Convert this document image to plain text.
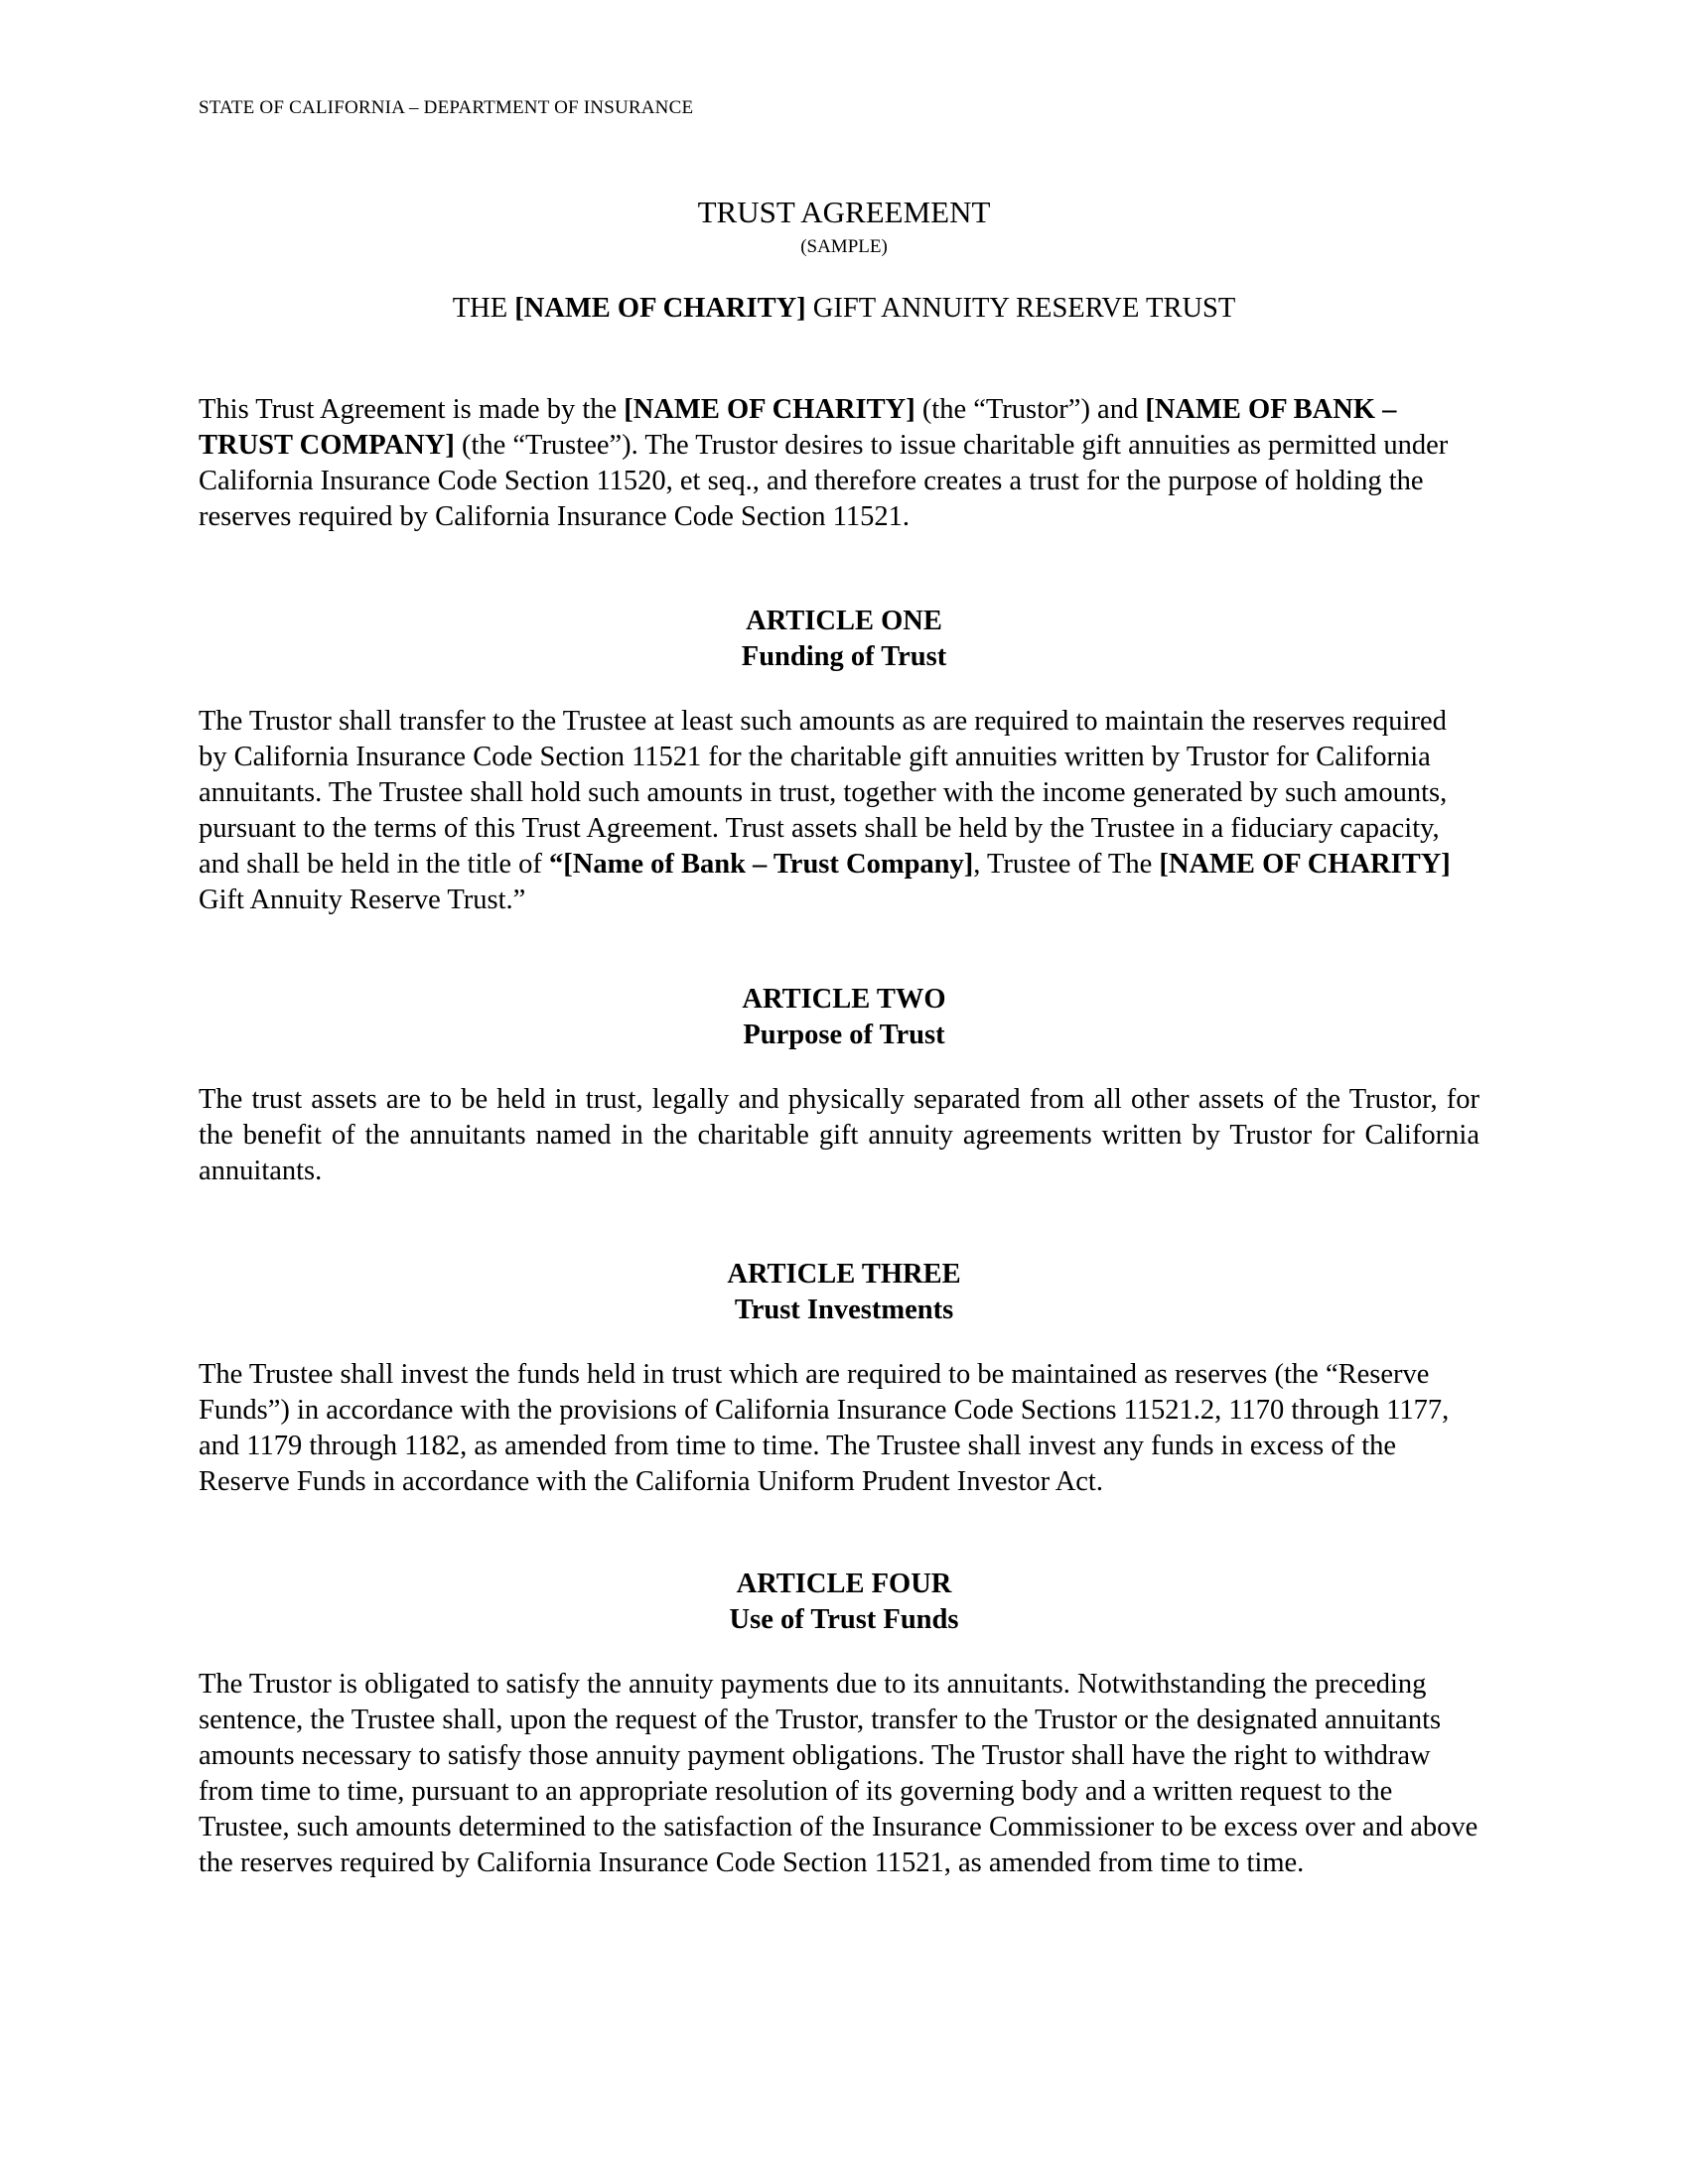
STATE OF CALIFORNIA – DEPARTMENT OF INSURANCE
TRUST AGREEMENT
(SAMPLE)
THE [NAME OF CHARITY] GIFT ANNUITY RESERVE TRUST

This Trust Agreement is made by the [NAME OF CHARITY] (the “Trustor”) and [NAME OF BANK – TRUST COMPANY] (the “Trustee”). The Trustor desires to issue charitable gift annuities as permitted under California Insurance Code Section 11520, et seq., and therefore creates a trust for the purpose of holding the reserves required by California Insurance Code Section 11521.

ARTICLE ONE
Funding of Trust

The Trustor shall transfer to the Trustee at least such amounts as are required to maintain the reserves required by California Insurance Code Section 11521 for the charitable gift annuities written by Trustor for California annuitants. The Trustee shall hold such amounts in trust, together with the income generated by such amounts, pursuant to the terms of this Trust Agreement. Trust assets shall be held by the Trustee in a fiduciary capacity, and shall be held in the title of “[Name of Bank – Trust Company], Trustee of The [NAME OF CHARITY] Gift Annuity Reserve Trust.”

ARTICLE TWO
Purpose of Trust

The trust assets are to be held in trust, legally and physically separated from all other assets of the Trustor, for the benefit of the annuitants named in the charitable gift annuity agreements written by Trustor for California annuitants.

ARTICLE THREE
Trust Investments

The Trustee shall invest the funds held in trust which are required to be maintained as reserves (the “Reserve Funds”) in accordance with the provisions of California Insurance Code Sections 11521.2, 1170 through 1177, and 1179 through 1182, as amended from time to time. The Trustee shall invest any funds in excess of the Reserve Funds in accordance with the California Uniform Prudent Investor Act.

ARTICLE FOUR
Use of Trust Funds

The Trustor is obligated to satisfy the annuity payments due to its annuitants. Notwithstanding the preceding sentence, the Trustee shall, upon the request of the Trustor, transfer to the Trustor or the designated annuitants amounts necessary to satisfy those annuity payment obligations. The Trustor shall have the right to withdraw from time to time, pursuant to an appropriate resolution of its governing body and a written request to the Trustee, such amounts determined to the satisfaction of the Insurance Commissioner to be excess over and above the reserves required by California Insurance Code Section 11521, as amended from time to time.
